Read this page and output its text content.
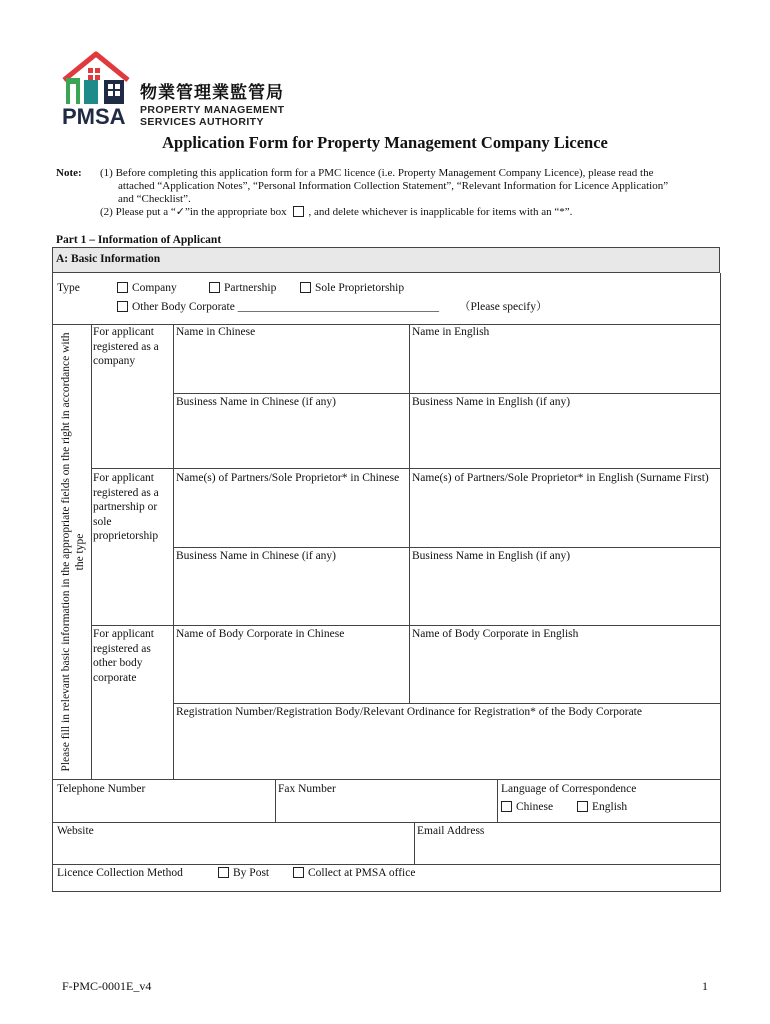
PMSA
物業管理業監管局
PROPERTY MANAGEMENT
SERVICES AUTHORITY
Application Form for Property Management Company Licence
Note: (1) Before completing this application form for a PMC licence (i.e. Property Management Company Licence), please read the
attached “Application Notes”, “Personal Information Collection Statement”, “Relevant Information for Licence Application”
and “Checklist”.
(2) Please put a “✓”in the appropriate box , and delete whichever is inapplicable for items with an “*”.
Part 1 – Information of Applicant
A: Basic Information
Type	Company	Partnership	Sole Proprietorship
Other Body Corporate ___________________________________ （Please specify）
Please fill in relevant basic information in the appropriate fields on the right in accordance with the type
For applicant registered as a company
Name in Chinese	Name in English
Business Name in Chinese (if any)	Business Name in English (if any)
For applicant registered as a partnership or sole proprietorship
Name(s) of Partners/Sole Proprietor* in Chinese	Name(s) of Partners/Sole Proprietor* in English (Surname First)
Business Name in Chinese (if any)	Business Name in English (if any)
For applicant registered as other body corporate
Name of Body Corporate in Chinese	Name of Body Corporate in English
Registration Number/Registration Body/Relevant Ordinance for Registration* of the Body Corporate
Telephone Number	Fax Number	Language of Correspondence
Chinese	English
Website	Email Address
Licence Collection Method	By Post	Collect at PMSA office
F-PMC-0001E_v4	1
